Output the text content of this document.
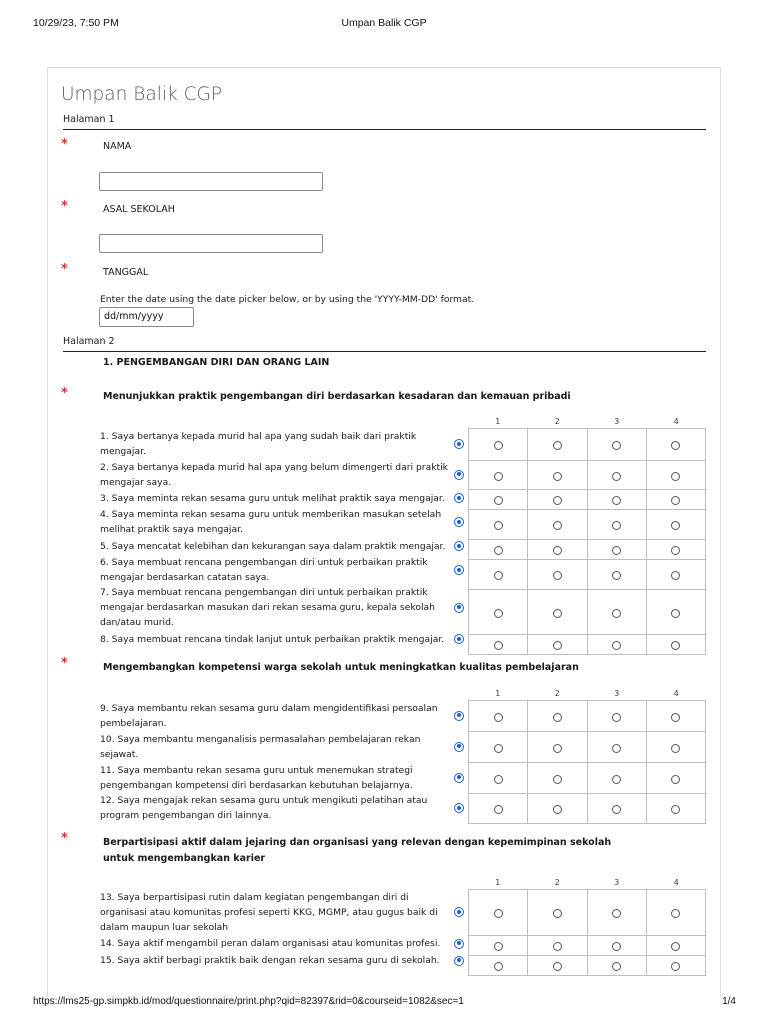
10/29/23, 7:50 PM	Umpan Balik CGP
Umpan Balik CGP
Halaman 1
*	NAMA
*	ASAL SEKOLAH
*	TANGGAL
Enter the date using the date picker below, or by using the 'YYYY-MM-DD' format.
dd/mm/yyyy
Halaman 2
1. PENGEMBANGAN DIRI DAN ORANG LAIN
*	Menunjukkan praktik pengembangan diri berdasarkan kesadaran dan kemauan pribadi
1	2	3	4
1. Saya bertanya kepada murid hal apa yang sudah baik dari praktik mengajar.
2. Saya bertanya kepada murid hal apa yang belum dimengerti dari praktik mengajar saya.
3. Saya meminta rekan sesama guru untuk melihat praktik saya mengajar.
4. Saya meminta rekan sesama guru untuk memberikan masukan setelah melihat praktik saya mengajar.
5. Saya mencatat kelebihan dan kekurangan saya dalam praktik mengajar.
6. Saya membuat rencana pengembangan diri untuk perbaikan praktik mengajar berdasarkan catatan saya.
7. Saya membuat rencana pengembangan diri untuk perbaikan praktik mengajar berdasarkan masukan dari rekan sesama guru, kepala sekolah dan/atau murid.
8. Saya membuat rencana tindak lanjut untuk perbaikan praktik mengajar.

*	Mengembangkan kompetensi warga sekolah untuk meningkatkan kualitas pembelajaran
1	2	3	4
9. Saya membantu rekan sesama guru dalam mengidentifikasi persoalan pembelajaran.
10. Saya membantu menganalisis permasalahan pembelajaran rekan sejawat.
11. Saya membantu rekan sesama guru untuk menemukan strategi pengembangan kompetensi diri berdasarkan kebutuhan belajarnya.
12. Saya mengajak rekan sesama guru untuk mengikuti pelatihan atau program pengembangan diri lainnya.

*	Berpartisipasi aktif dalam jejaring dan organisasi yang relevan dengan kepemimpinan sekolah untuk mengembangkan karier
1	2	3	4
13. Saya berpartisipasi rutin dalam kegiatan pengembangan diri di organisasi atau komunitas profesi seperti KKG, MGMP, atau gugus baik di dalam maupun luar sekolah
14. Saya aktif mengambil peran dalam organisasi atau komunitas profesi.
15. Saya aktif berbagi praktik baik dengan rekan sesama guru di sekolah.

https://lms25-gp.simpkb.id/mod/questionnaire/print.php?qid=82397&rid=0&courseid=1082&sec=1	1/4
